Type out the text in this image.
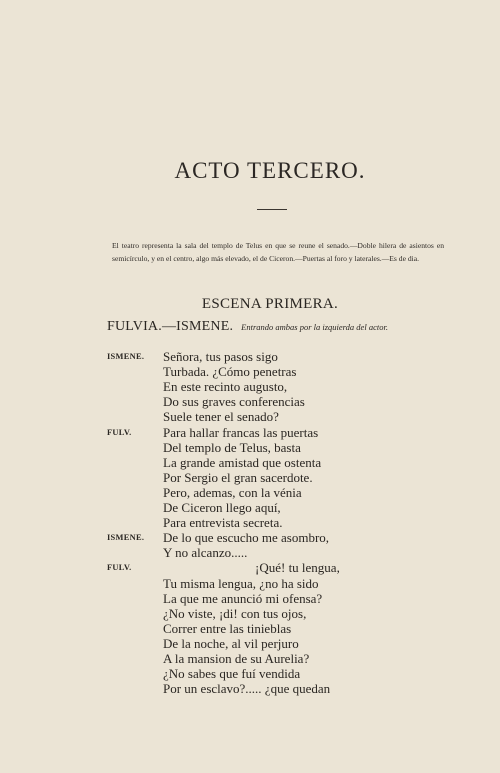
ACTO TERCERO.
El teatro representa la sala del templo de Telus en que se reune el senado.—Doble hilera de asientos en semicírculo, y en el centro, algo más elevado, el de Ciceron.—Puertas al foro y laterales.—Es de dia.
ESCENA PRIMERA.
FULVIA.—ISMENE. Entrando ambas por la izquierda del actor.
ISMENE. Señora, tus pasos sigo
Turbada. ¿Cómo penetras
En este recinto augusto,
Do sus graves conferencias
Suele tener el senado?
FULV. Para hallar francas las puertas
Del templo de Telus, basta
La grande amistad que ostenta
Por Sergio el gran sacerdote.
Pero, ademas, con la vénia
De Ciceron llego aquí,
Para entrevista secreta.
ISMENE. De lo que escucho me asombro,
Y no alcanzo.....
FULV.	¡Qué! tu lengua,
Tu misma lengua, ¿no ha sido
La que me anunció mi ofensa?
¿No viste, ¡di! con tus ojos,
Correr entre las tinieblas
De la noche, al vil perjuro
A la mansion de su Aurelia?
¿No sabes que fuí vendida
Por un esclavo?..... ¿que quedan
